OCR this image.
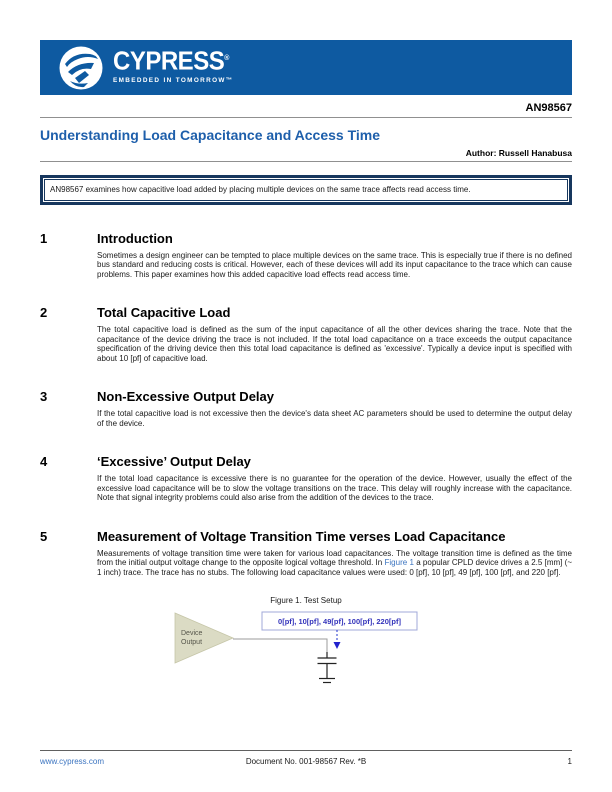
CYPRESS®
EMBEDDED IN TOMORROW™
AN98567
Understanding Load Capacitance and Access Time
Author: Russell Hanabusa
AN98567 examines how capacitive load added by placing multiple devices on the same trace affects read access time.
1	Introduction
Sometimes a design engineer can be tempted to place multiple devices on the same trace. This is especially true if there is no defined bus standard and reducing costs is critical. However, each of these devices will add its input capacitance to the trace which can cause problems. This paper examines how this added capacitive load effects read access time.
2	Total Capacitive Load
The total capacitive load is defined as the sum of the input capacitance of all the other devices sharing the trace. Note that the capacitance of the device driving the trace is not included. If the total load capacitance on a trace exceeds the output capacitance specification of the driving device then this total load capacitance is defined as 'excessive'. Typically a device input is specified with about 10 [pf] of capacitive load.
3	Non-Excessive Output Delay
If the total capacitive load is not excessive then the device's data sheet AC parameters should be used to determine the output delay of the device.
4	‘Excessive’ Output Delay
If the total load capacitance is excessive there is no guarantee for the operation of the device. However, usually the effect of the excessive load capacitance will be to slow the voltage transitions on the trace. This delay will roughly increase with the capacitance. Note that signal integrity problems could also arise from the addition of the devices to the trace.
5	Measurement of Voltage Transition Time verses Load Capacitance
Measurements of voltage transition time were taken for various load capacitances. The voltage transition time is defined as the time from the initial output voltage change to the opposite logical voltage threshold. In Figure 1 a popular CPLD device drives a 2.5 [mm] (~ 1 inch) trace. The trace has no stubs. The following load capacitance values were used: 0 [pf], 10 [pf], 49 [pf], 100 [pf], and 220 [pf].
Figure 1. Test Setup
Device
Output
0[pf], 10[pf], 49[pf], 100[pf], 220[pf]
www.cypress.com	Document No. 001-98567 Rev. *B	1
